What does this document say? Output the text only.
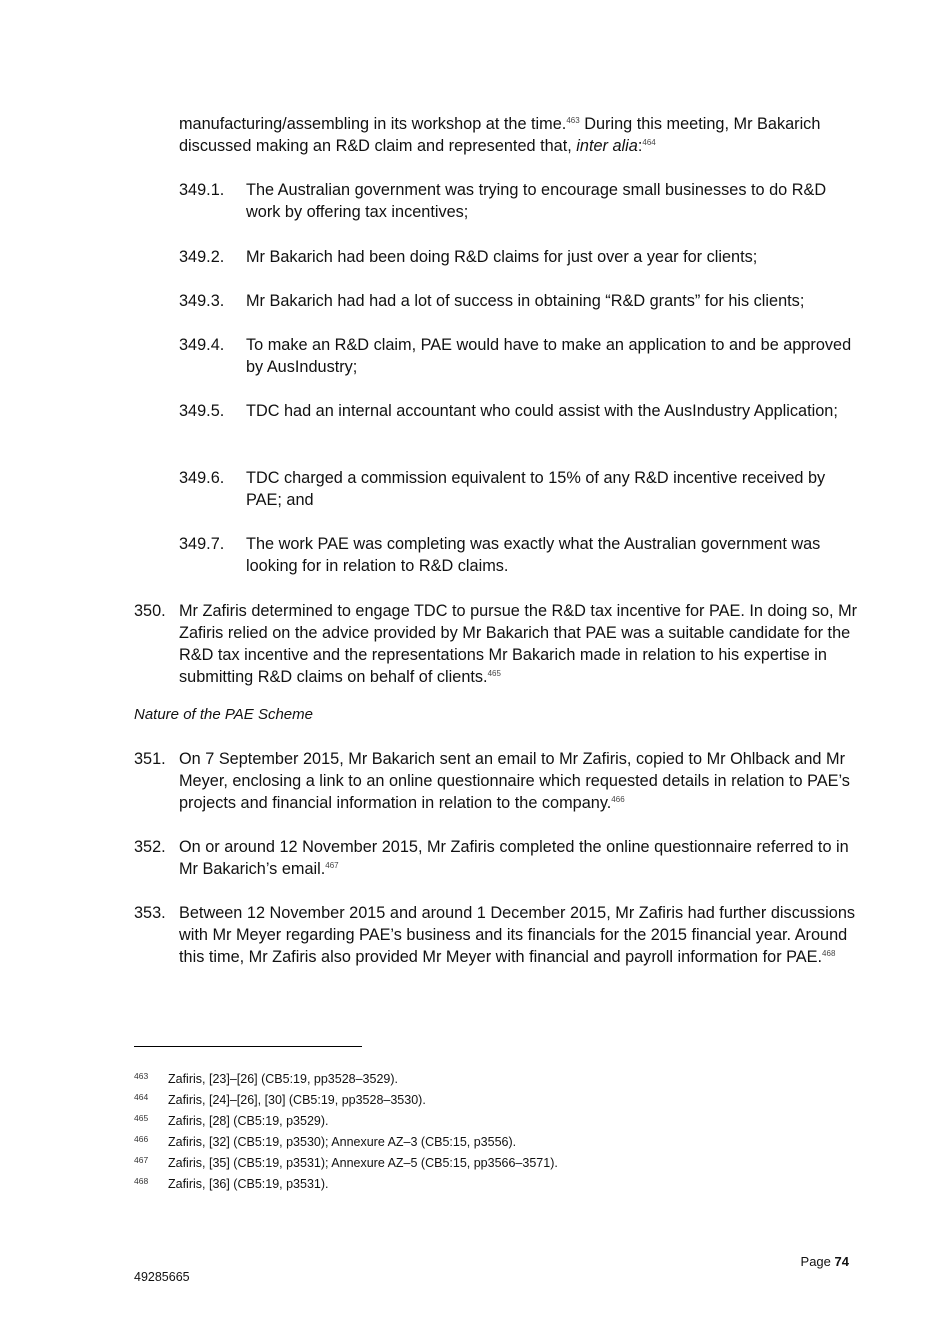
manufacturing/assembling in its workshop at the time.$^{463}$ During this meeting, Mr Bakarich discussed making an R&D claim and represented that, inter alia:$^{464}$

349.1. The Australian government was trying to encourage small businesses to do R&D work by offering tax incentives;
349.2. Mr Bakarich had been doing R&D claims for just over a year for clients;
349.3. Mr Bakarich had had a lot of success in obtaining “R&D grants” for his clients;
349.4. To make an R&D claim, PAE would have to make an application to and be approved by AusIndustry;
349.5. TDC had an internal accountant who could assist with the AusIndustry Application;
349.6. TDC charged a commission equivalent to 15% of any R&D incentive received by PAE; and
349.7. The work PAE was completing was exactly what the Australian government was looking for in relation to R&D claims.
350. Mr Zafiris determined to engage TDC to pursue the R&D tax incentive for PAE. In doing so, Mr Zafiris relied on the advice provided by Mr Bakarich that PAE was a suitable candidate for the R&D tax incentive and the representations Mr Bakarich made in relation to his expertise in submitting R&D claims on behalf of clients.$^{465}$
Nature of the PAE Scheme
351. On 7 September 2015, Mr Bakarich sent an email to Mr Zafiris, copied to Mr Ohlback and Mr Meyer, enclosing a link to an online questionnaire which requested details in relation to PAE’s projects and financial information in relation to the company.$^{466}$
352. On or around 12 November 2015, Mr Zafiris completed the online questionnaire referred to in Mr Bakarich’s email.$^{467}$
353. Between 12 November 2015 and around 1 December 2015, Mr Zafiris had further discussions with Mr Meyer regarding PAE’s business and its financials for the 2015 financial year. Around this time, Mr Zafiris also provided Mr Meyer with financial and payroll information for PAE.$^{468}$
463 Zafiris, [23]–[26] (CB5:19, pp3528–3529).
464 Zafiris, [24]–[26], [30] (CB5:19, pp3528–3530).
465 Zafiris, [28] (CB5:19, p3529).
466 Zafiris, [32] (CB5:19, p3530); Annexure AZ–3 (CB5:15, p3556).
467 Zafiris, [35] (CB5:19, p3531); Annexure AZ–5 (CB5:15, pp3566–3571).
468 Zafiris, [36] (CB5:19, p3531).
Page 74
49285665
